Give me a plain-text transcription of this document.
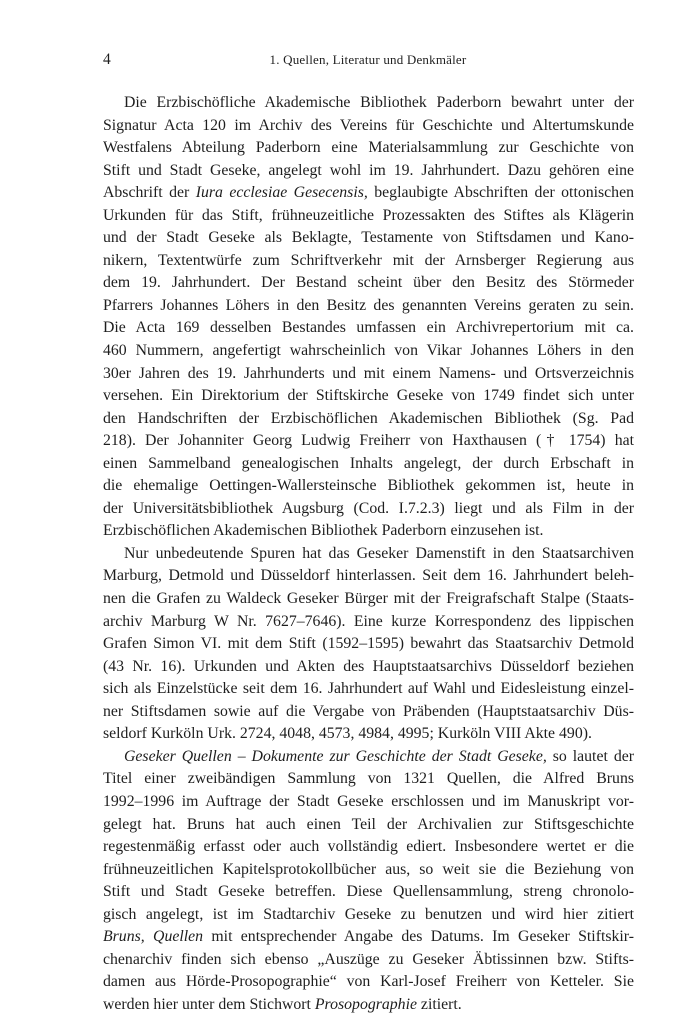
4	1. Quellen, Literatur und Denkmäler
Die Erzbischöfliche Akademische Bibliothek Paderborn bewahrt unter der
Signatur Acta 120 im Archiv des Vereins für Geschichte und Altertumskunde
Westfalens Abteilung Paderborn eine Materialsammlung zur Geschichte von
Stift und Stadt Geseke, angelegt wohl im 19. Jahrhundert. Dazu gehören eine
Abschrift der Iura ecclesiae Gesecensis, beglaubigte Abschriften der ottonischen
Urkunden für das Stift, frühneuzeitliche Prozessakten des Stiftes als Klägerin
und der Stadt Geseke als Beklagte, Testamente von Stiftsdamen und Kano-
nikern, Textentwürfe zum Schriftverkehr mit der Arnsberger Regierung aus
dem 19. Jahrhundert. Der Bestand scheint über den Besitz des Störmeder
Pfarrers Johannes Löhers in den Besitz des genannten Vereins geraten zu sein.
Die Acta 169 desselben Bestandes umfassen ein Archivrepertorium mit ca.
460 Nummern, angefertigt wahrscheinlich von Vikar Johannes Löhers in den
30er Jahren des 19. Jahrhunderts und mit einem Namens- und Ortsverzeichnis
versehen. Ein Direktorium der Stiftskirche Geseke von 1749 findet sich unter
den Handschriften der Erzbischöflichen Akademischen Bibliothek (Sg. Pad
218). Der Johanniter Georg Ludwig Freiherr von Haxthausen († 1754) hat
einen Sammelband genealogischen Inhalts angelegt, der durch Erbschaft in
die ehemalige Oettingen-Wallersteinsche Bibliothek gekommen ist, heute in
der Universitätsbibliothek Augsburg (Cod. I.7.2.3) liegt und als Film in der
Erzbischöflichen Akademischen Bibliothek Paderborn einzusehen ist.
Nur unbedeutende Spuren hat das Geseker Damenstift in den Staatsarchiven
Marburg, Detmold und Düsseldorf hinterlassen. Seit dem 16. Jahrhundert beleh-
nen die Grafen zu Waldeck Geseker Bürger mit der Freigrafschaft Stalpe (Staats-
archiv Marburg W Nr. 7627–7646). Eine kurze Korrespondenz des lippischen
Grafen Simon VI. mit dem Stift (1592–1595) bewahrt das Staatsarchiv Detmold
(43 Nr. 16). Urkunden und Akten des Hauptstaatsarchivs Düsseldorf beziehen
sich als Einzelstücke seit dem 16. Jahrhundert auf Wahl und Eidesleistung einzel-
ner Stiftsdamen sowie auf die Vergabe von Präbenden (Hauptstaatsarchiv Düs-
seldorf Kurköln Urk. 2724, 4048, 4573, 4984, 4995; Kurköln VIII Akte 490).
Geseker Quellen – Dokumente zur Geschichte der Stadt Geseke, so lautet der
Titel einer zweibändigen Sammlung von 1321 Quellen, die Alfred Bruns
1992–1996 im Auftrage der Stadt Geseke erschlossen und im Manuskript vor-
gelegt hat. Bruns hat auch einen Teil der Archivalien zur Stiftsgeschichte
regestenmäßig erfasst oder auch vollständig ediert. Insbesondere wertet er die
frühneuzeitlichen Kapitelsprotokollbücher aus, so weit sie die Beziehung von
Stift und Stadt Geseke betreffen. Diese Quellensammlung, streng chronolo-
gisch angelegt, ist im Stadtarchiv Geseke zu benutzen und wird hier zitiert
Bruns, Quellen mit entsprechender Angabe des Datums. Im Geseker Stiftskir-
chenarchiv finden sich ebenso „Auszüge zu Geseker Äbtissinnen bzw. Stifts-
damen aus Hörde-Prosopographie“ von Karl-Josef Freiherr von Ketteler. Sie
werden hier unter dem Stichwort Prosopographie zitiert.
